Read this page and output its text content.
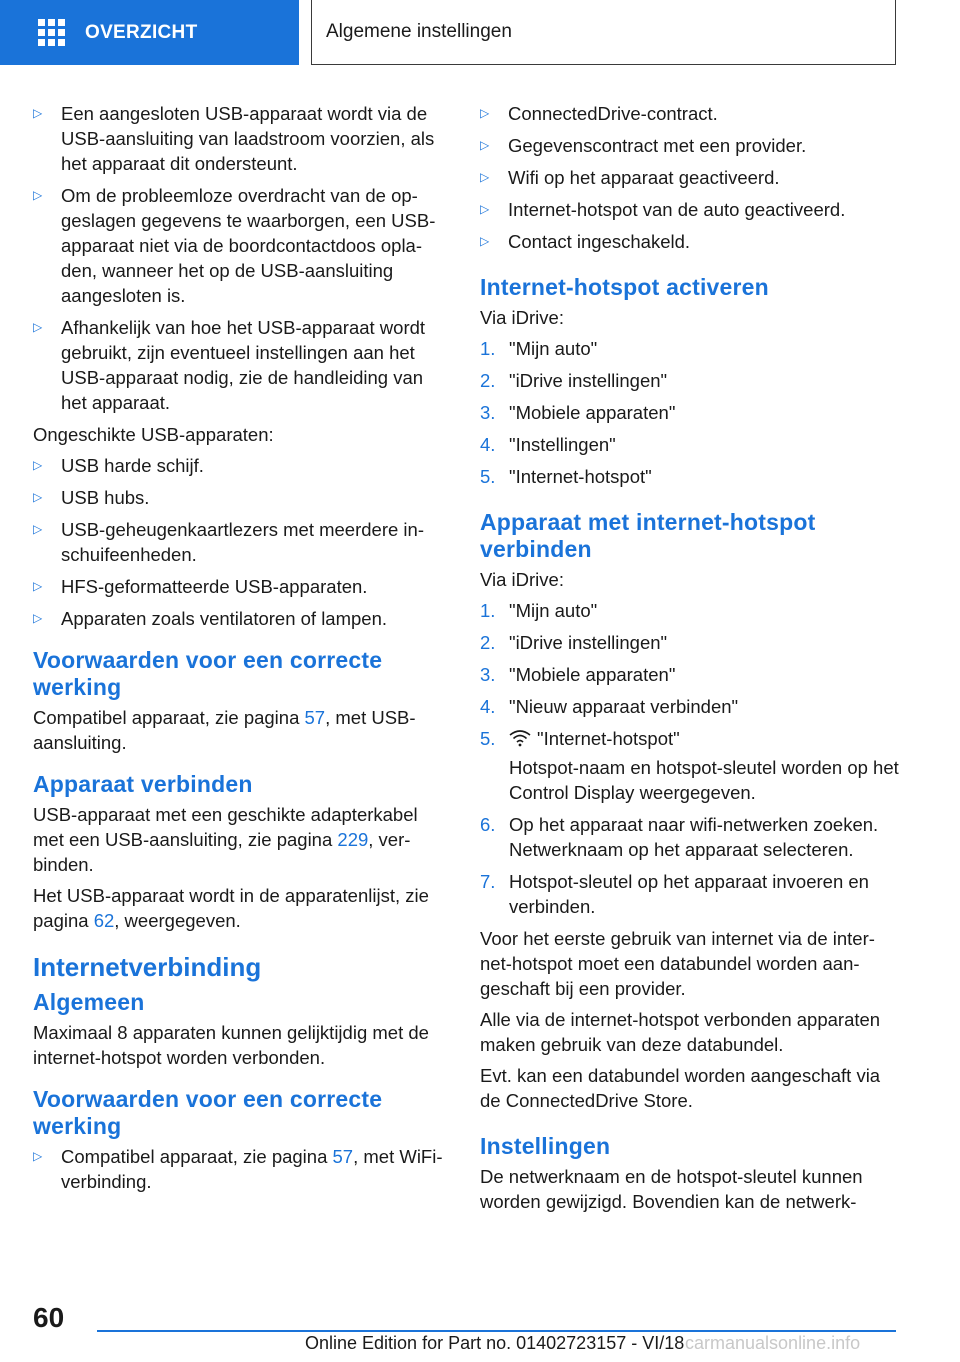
OVERZICHT	Algemene instellingen
▷ Een aangesloten USB-apparaat wordt via de USB-aansluiting van laadstroom voorzien, als het apparaat dit ondersteunt.
▷ Om de probleemloze overdracht van de opgeslagen gegevens te waarborgen, een USB-apparaat niet via de boordcontactdoos opladen, wanneer het op de USB-aansluiting aangesloten is.
▷ Afhankelijk van hoe het USB-apparaat wordt gebruikt, zijn eventueel instellingen aan het USB-apparaat nodig, zie de handleiding van het apparaat.

Ongeschikte USB-apparaten:

▷ USB harde schijf.
▷ USB hubs.
▷ USB-geheugenkaartlezers met meerdere inschuifeenheden.
▷ HFS-geformatteerde USB-apparaten.
▷ Apparaten zoals ventilatoren of lampen.
Voorwaarden voor een correcte werking

Compatibel apparaat, zie pagina 57, met USB-aansluiting.

Apparaat verbinden

USB-apparaat met een geschikte adapterkabel met een USB-aansluiting, zie pagina 229, verbinden.

Het USB-apparaat wordt in de apparatenlijst, zie pagina 62, weergegeven.

Internetverbinding
Algemeen

Maximaal 8 apparaten kunnen gelijktijdig met de internet-hotspot worden verbonden.

Voorwaarden voor een correcte werking
▷ Compatibel apparaat, zie pagina 57, met WiFi-verbinding.
▷ ConnectedDrive-contract.
▷ Gegevenscontract met een provider.
▷ Wifi op het apparaat geactiveerd.
▷ Internet-hotspot van de auto geactiveerd.
▷ Contact ingeschakeld.
Internet-hotspot activeren

Via iDrive:

1. "Mijn auto"
2. "iDrive instellingen"
3. "Mobiele apparaten"
4. "Instellingen"
5. "Internet-hotspot"
Apparaat met internet-hotspot verbinden

Via iDrive:

1. "Mijn auto"
2. "iDrive instellingen"
3. "Mobiele apparaten"
4. "Nieuw apparaat verbinden"
5. "Internet-hotspot"
Hotspot-naam en hotspot-sleutel worden op het Control Display weergegeven.
6. Op het apparaat naar wifi-netwerken zoeken.
Netwerknaam op het apparaat selecteren.
7. Hotspot-sleutel op het apparaat invoeren en verbinden.

Voor het eerste gebruik van internet via de internet-hotspot moet een databundel worden aangeschaft bij een provider.

Alle via de internet-hotspot verbonden apparaten maken gebruik van deze databundel.

Evt. kan een databundel worden aangeschaft via de ConnectedDrive Store.

Instellingen

De netwerknaam en de hotspot-sleutel kunnen worden gewijzigd. Bovendien kan de netwerk-

60
Online Edition for Part no. 01402723157 - VI/18 carmanualsonline.info
